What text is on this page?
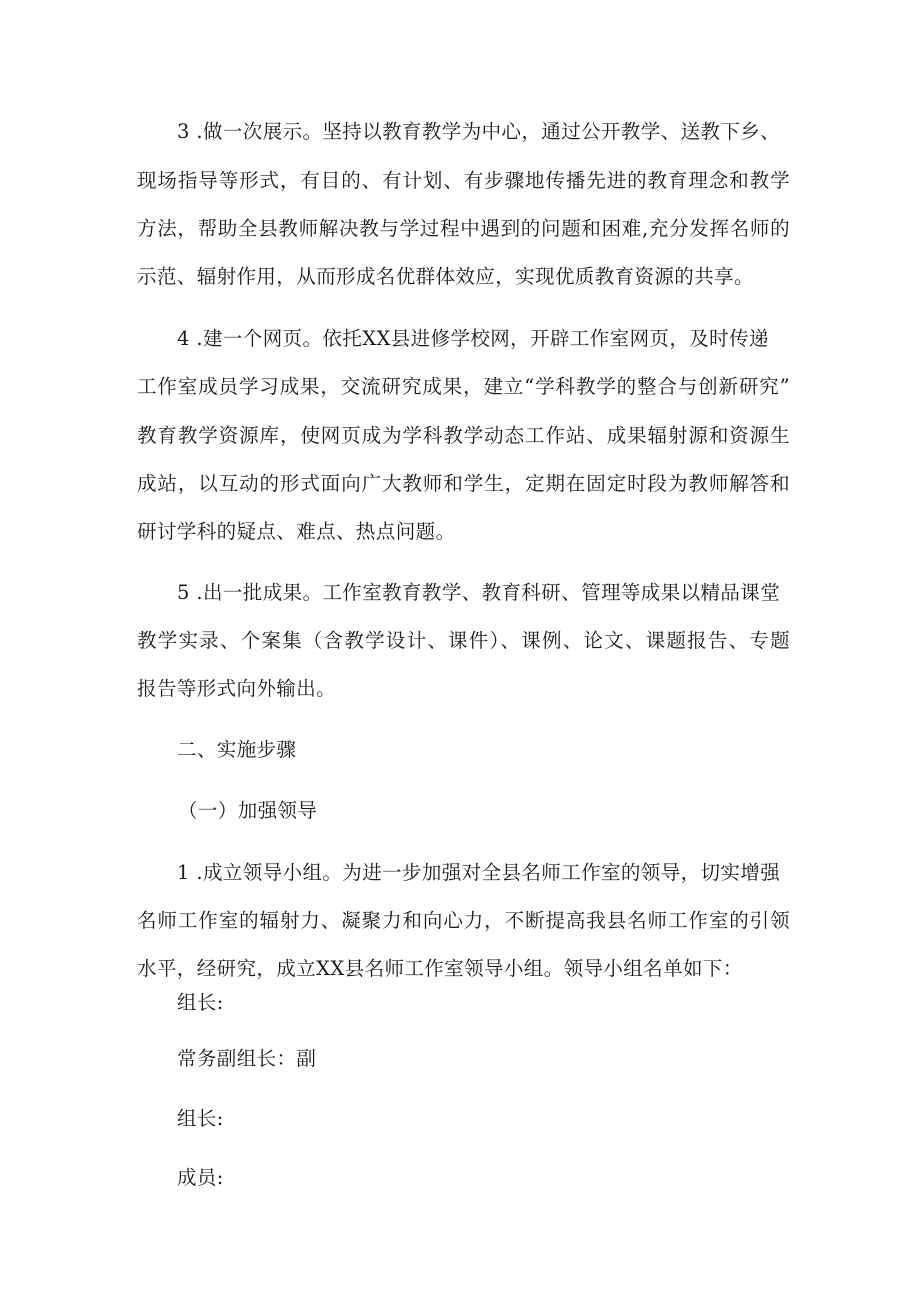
3 .做一次展示。坚持以教育教学为中心，通过公开教学、送教下乡、
现场指导等形式，有目的、有计划、有步骤地传播先进的教育理念和教学
方法，帮助全县教师解决教与学过程中遇到的问题和困难,充分发挥名师的
示范、辐射作用，从而形成名优群体效应，实现优质教育资源的共享。
4 .建一个网页。依托XX县进修学校网，开辟工作室网页，及时传递
工作室成员学习成果，交流研究成果，建立“学科教学的整合与创新研究”
教育教学资源库，使网页成为学科教学动态工作站、成果辐射源和资源生
成站，以互动的形式面向广大教师和学生，定期在固定时段为教师解答和
研讨学科的疑点、难点、热点问题。
5 .出一批成果。工作室教育教学、教育科研、管理等成果以精品课堂
教学实录、个案集（含教学设计、课件）、课例、论文、课题报告、专题
报告等形式向外输出。
二、实施步骤
（一）加强领导
1 .成立领导小组。为进一步加强对全县名师工作室的领导，切实增强
名师工作室的辐射力、凝聚力和向心力，不断提高我县名师工作室的引领
水平，经研究，成立XX县名师工作室领导小组。领导小组名单如下：
组长:
常务副组长：副
组长:
成员:
